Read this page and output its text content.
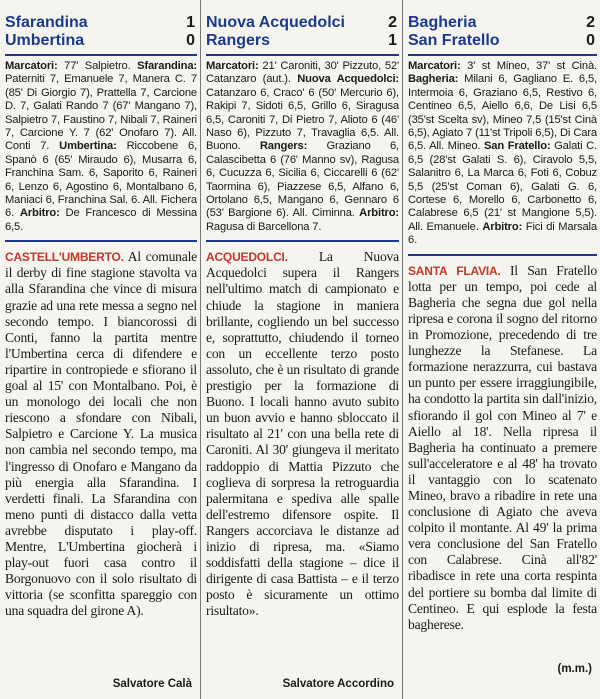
Sfarandina	1
Umbertina	0

Marcatori: 77' Salpietro. Sfarandina: Paterniti 7, Emanuele 7, Manera C. 7 (85' Di Giorgio 7), Prattella 7, Carcione D. 7, Galati Rando 7 (67' Mangano 7), Salpietro 7, Faustino 7, Nibali 7, Raineri 7, Carcione Y. 7 (62' Onofaro 7). All. Conti 7. Umbertina: Riccobene 6, Spanò 6 (65' Miraudo 6), Musarra 6, Franchina Sam. 6, Saporito 6, Raineri 6, Lenzo 6, Agostino 6, Montalbano 6, Maniaci 6, Franchina Sal. 6. All. Fichera 6. Arbitro: De Francesco di Messina 6,5.

CASTELL'UMBERTO. Al comunale il derby di fine stagione stavolta va alla Sfarandina che vince di misura grazie ad una rete messa a segno nel secondo tempo. I biancorossi di Conti, fanno la partita mentre l'Umbertina cerca di difendere e ripartire in contropiede e sfiorano il goal al 15' con Montalbano. Poi, è un monologo dei locali che non riescono a sfondare con Nibali, Salpietro e Carcione Y. La musica non cambia nel secondo tempo, ma l'ingresso di Onofaro e Mangano da più energia alla Sfarandina. I verdetti finali. La Sfarandina con meno punti di distacco dalla vetta avrebbe disputato i play-off. Mentre, L'Umbertina giocherà i play-out fuori casa contro il Borgonuovo con il solo risultato di vittoria (se sconfitta spareggio con una squadra del girone A).

Salvatore Calà
Nuova Acquedolci	2
Rangers	1

Marcatori: 21' Caroniti, 30' Pizzuto, 52' Catanzaro (aut.). Nuova Acquedolci: Catanzaro 6, Craco' 6 (50' Mercurio 6), Rakipi 7, Sidoti 6,5, Grillo 6, Siragusa 6,5, Caroniti 7, Di Pietro 7, Alioto 6 (46' Naso 6), Pizzuto 7, Travaglia 6,5. All. Buono. Rangers: Graziano 6, Calascibetta 6 (76' Manno sv), Ragusa 6, Cucuzza 6, Sicilia 6, Ciccarelli 6 (62' Taormina 6), Piazzese 6,5, Alfano 6, Ortolano 6,5, Mangano 6, Gennaro 6 (53' Bargione 6). All. Ciminna. Arbitro: Ragusa di Barcellona 7.

ACQUEDOLCI. La Nuova Acquedolci supera il Rangers nell'ultimo match di campionato e chiude la stagione in maniera brillante, cogliendo un bel successo e, soprattutto, chiudendo il torneo con un eccellente terzo posto assoluto, che è un risultato di grande prestigio per la formazione di Buono. I locali hanno avuto subito un buon avvio e hanno sbloccato il risultato al 21' con una bella rete di Caroniti. Al 30' giungeva il meritato raddoppio di Mattia Pizzuto che coglieva di sorpresa la retroguardia palermitana e spediva alle spalle dell'estremo difensore ospite. Il Rangers accorciava le distanze ad inizio di ripresa, ma. «Siamo soddisfatti della stagione – dice il dirigente di casa Battista – e il terzo posto è sicuramente un ottimo risultato».

Salvatore Accordino
Bagheria	2
San Fratello	0

Marcatori: 3' st Mineo, 37' st Cinà. Bagheria: Milani 6, Gagliano E. 6,5, Intermoia 6, Graziano 6,5, Restivo 6, Centineo 6,5, Aiello 6,6, De Lisi 6,5 (35'st Scelta sv), Mineo 7,5 (15'st Cinà 6,5), Agiato 7 (11'st Tripoli 6,5), Di Cara 6,5. All. Mineo. San Fratello: Galati C. 6,5 (28'st Galati S. 6), Ciravolo 5,5, Salanitro 6, La Marca 6, Foti 6, Cobuz 5,5 (25'st Coman 6), Galati G. 6, Cortese 6, Morello 6, Carbonetto 6, Calabrese 6,5 (21' st Mangione 5,5). All. Emanuele. Arbitro: Fici di Marsala 6.

SANTA FLAVIA. Il San Fratello lotta per un tempo, poi cede al Bagheria che segna due gol nella ripresa e corona il sogno del ritorno in Promozione, precedendo di tre lunghezze la Stefanese. La formazione nerazzurra, cui bastava un punto per essere irraggiungibile, ha condotto la partita sin dall'inizio, sfiorando il gol con Mineo al 7' e Aiello al 18'. Nella ripresa il Bagheria ha continuato a premere sull'acceleratore e al 48' ha trovato il vantaggio con lo scatenato Mineo, bravo a ribadire in rete una conclusione di Agiato che aveva colpito il montante. Al 49' la prima vera conclusione del San Fratello con Calabrese. Cinà all'82' ribadisce in rete una corta respinta del portiere su bomba dal limite di Centineo. E qui esplode la festa bagherese.

(m.m.)
